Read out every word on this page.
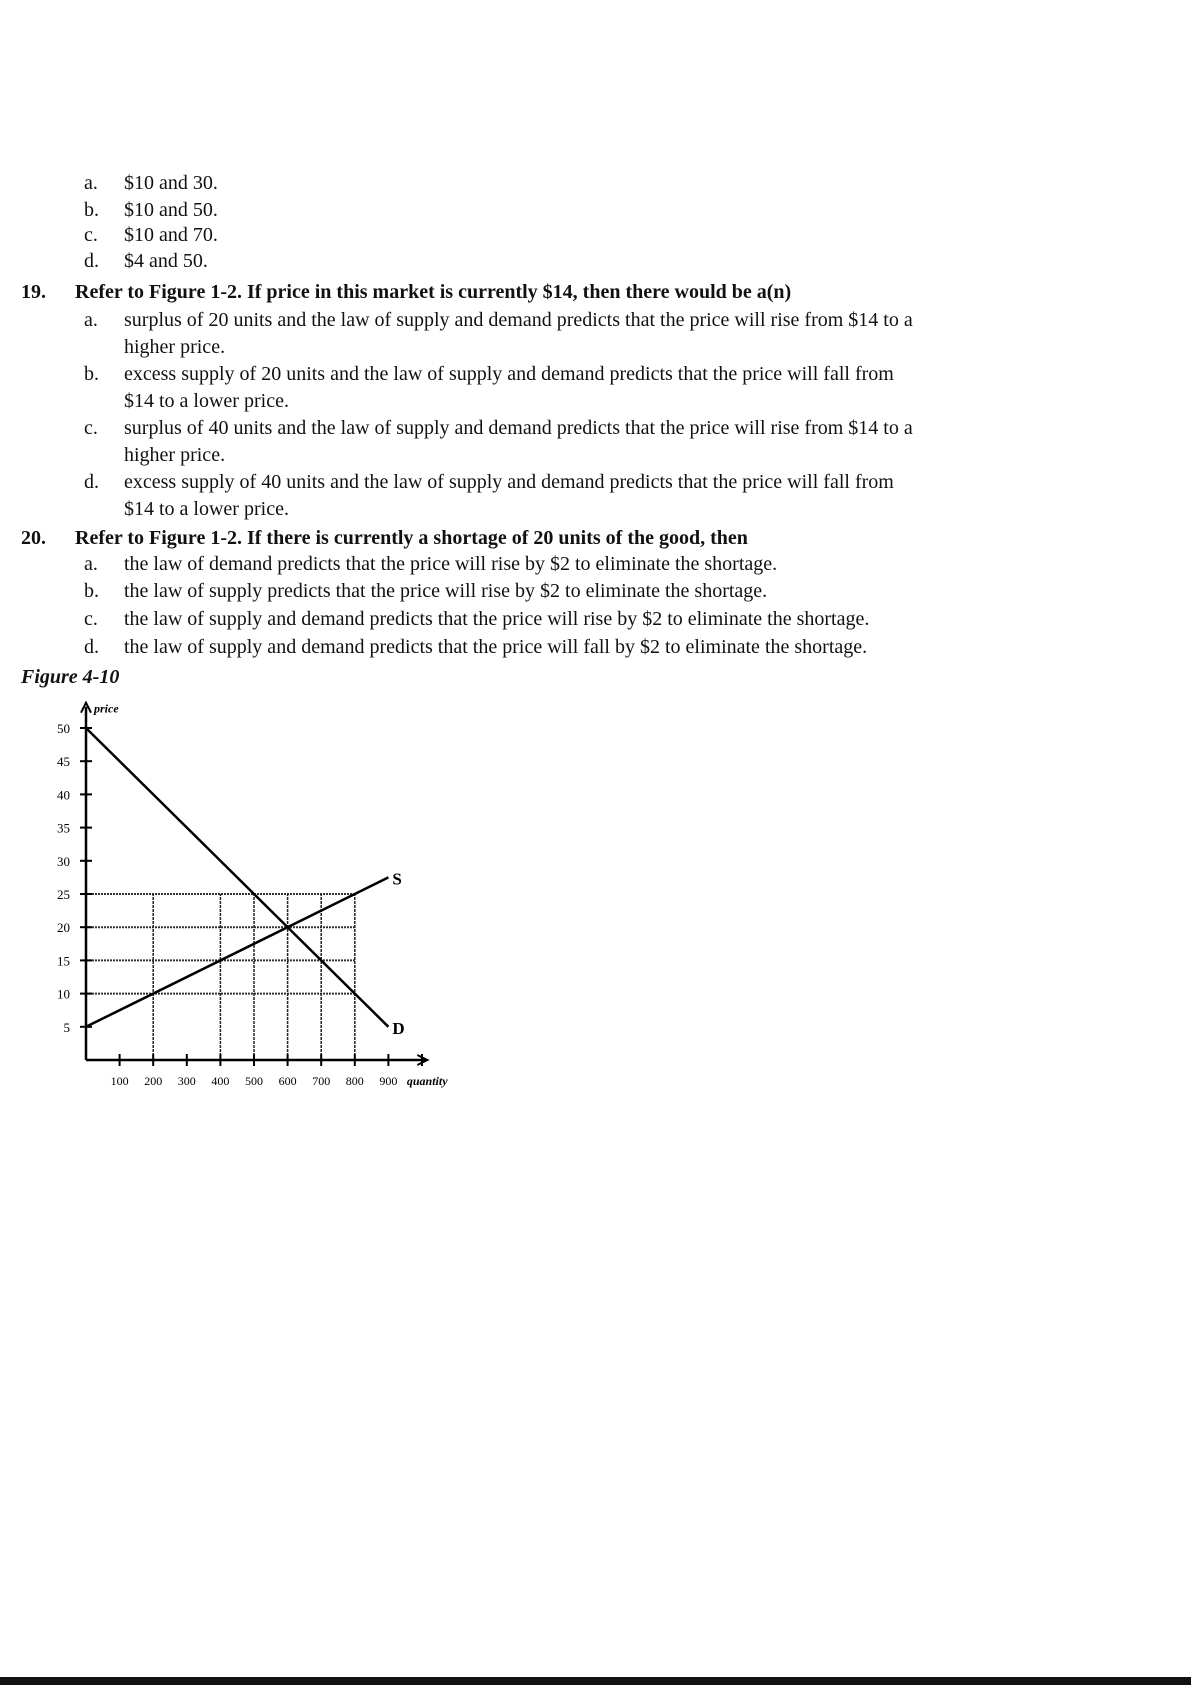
a. $10 and 30.
b. $10 and 50.
c. $10 and 70.
d. $4 and 50.
19. Refer to Figure 1-2. If price in this market is currently $14, then there would be a(n)
a. surplus of 20 units and the law of supply and demand predicts that the price will rise from $14 to a
higher price.
b. excess supply of 20 units and the law of supply and demand predicts that the price will fall from
$14 to a lower price.
c. surplus of 40 units and the law of supply and demand predicts that the price will rise from $14 to a
higher price.
d. excess supply of 40 units and the law of supply and demand predicts that the price will fall from
$14 to a lower price.
20. Refer to Figure 1-2. If there is currently a shortage of 20 units of the good, then
a. the law of demand predicts that the price will rise by $2 to eliminate the shortage.
b. the law of supply predicts that the price will rise by $2 to eliminate the shortage.
c. the law of supply and demand predicts that the price will rise by $2 to eliminate the shortage.
d. the law of supply and demand predicts that the price will fall by $2 to eliminate the shortage.
Figure 4-10
price
quantity
5
10
15
20
25
30
35
40
45
50
100 200 300 400 500 600 700 800 900
S
D
